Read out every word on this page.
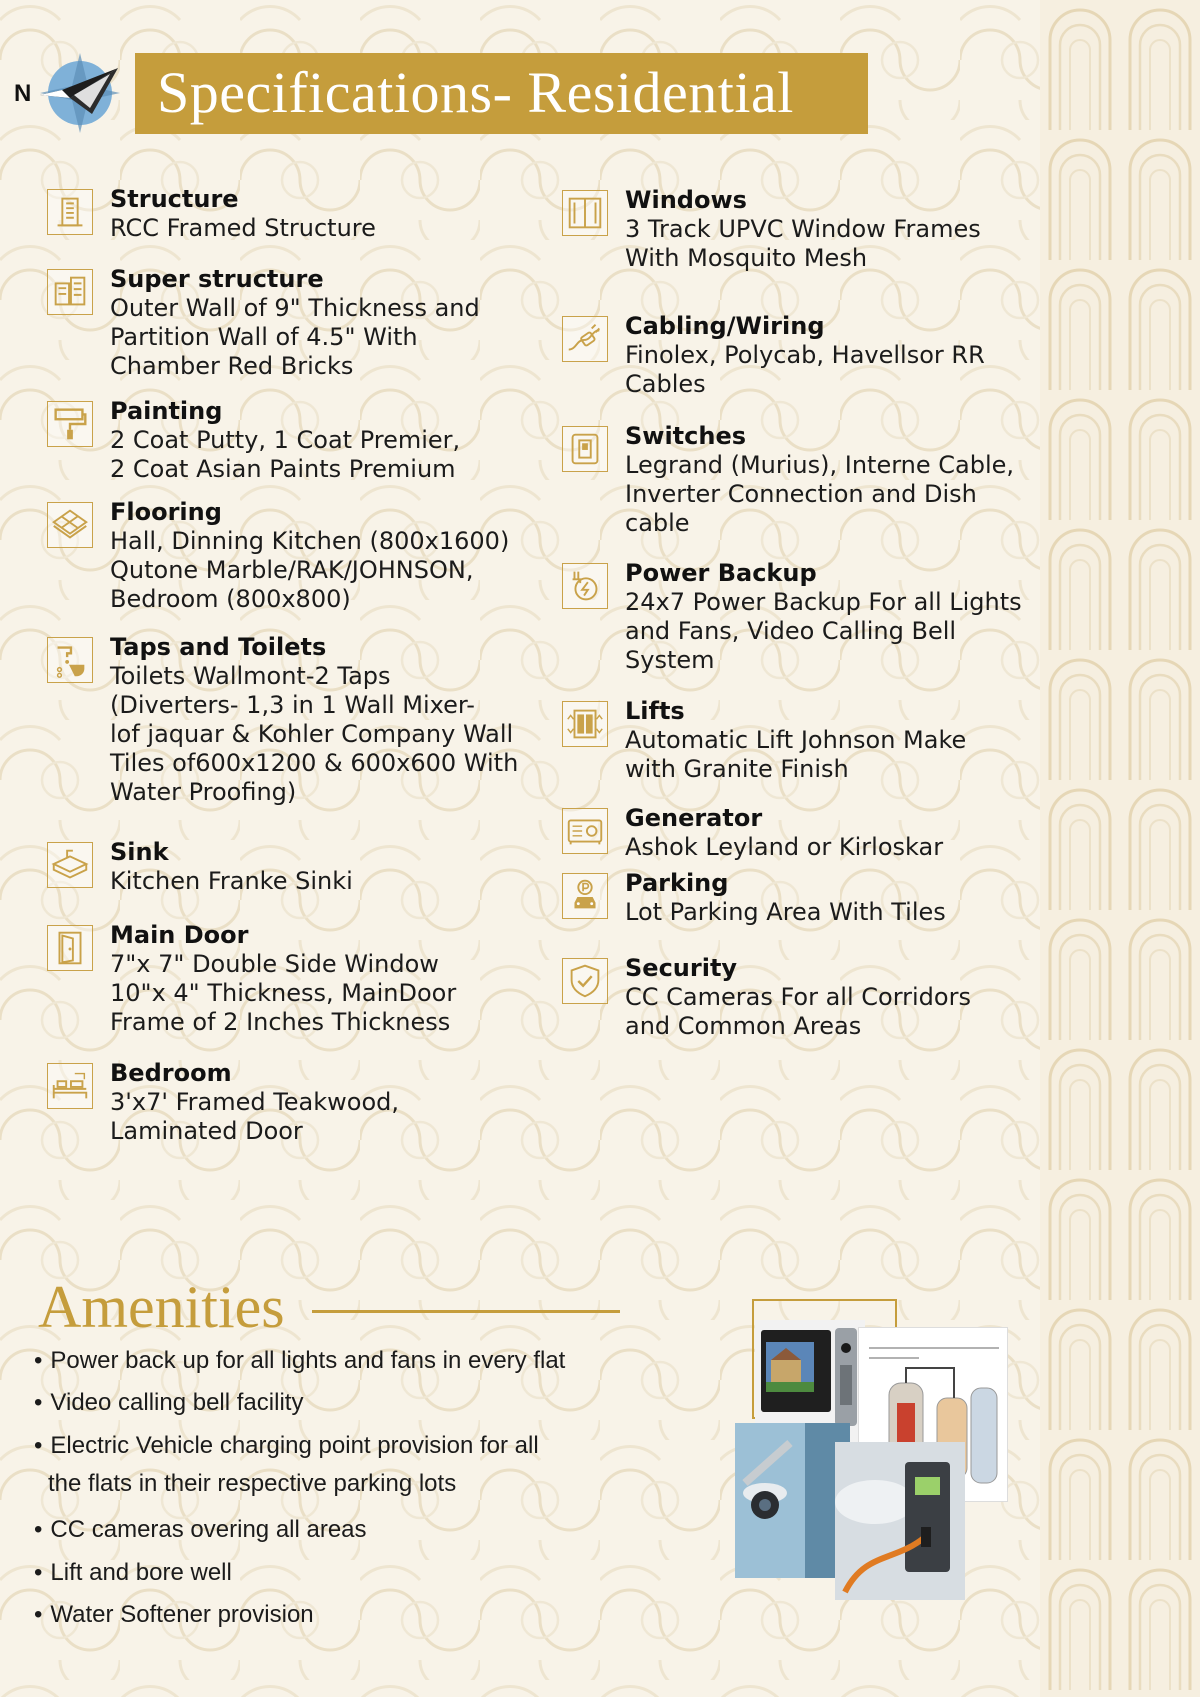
N Specifications- Residential
Structure
RCC Framed Structure
Super structure
Outer Wall of 9" Thickness and
Partition Wall of 4.5" With
Chamber Red Bricks
Painting
2 Coat Putty, 1 Coat Premier,
2 Coat Asian Paints Premium
Flooring
Hall, Dinning Kitchen (800x1600)
Qutone Marble/RAK/JOHNSON,
Bedroom (800x800)
Taps and Toilets
Toilets Wallmont-2 Taps
(Diverters- 1,3 in 1 Wall Mixer-
lof jaquar & Kohler Company Wall
Tiles of600x1200 & 600x600 With
Water Proofing)
Sink
Kitchen Franke Sinki
Main Door
7"x 7" Double Side Window
10"x 4" Thickness, MainDoor
Frame of 2 Inches Thickness
Bedroom
3'x7' Framed Teakwood,
Laminated Door
Windows
3 Track UPVC Window Frames
With Mosquito Mesh
Cabling/Wiring
Finolex, Polycab, Havellsor RR
Cables
Switches
Legrand (Murius), Interne Cable,
Inverter Connection and Dish
cable
Power Backup
24x7 Power Backup For all Lights
and Fans, Video Calling Bell
System
Lifts
Automatic Lift Johnson Make
with Granite Finish
Generator
Ashok Leyland or Kirloskar
Parking
Lot Parking Area With Tiles
Security
CC Cameras For all Corridors
and Common Areas
Amenities
• Power back up for all lights and fans in every flat
• Video calling bell facility
• Electric Vehicle charging point provision for all
the flats in their respective parking lots
• CC cameras overing all areas
• Lift and bore well
• Water Softener provision
